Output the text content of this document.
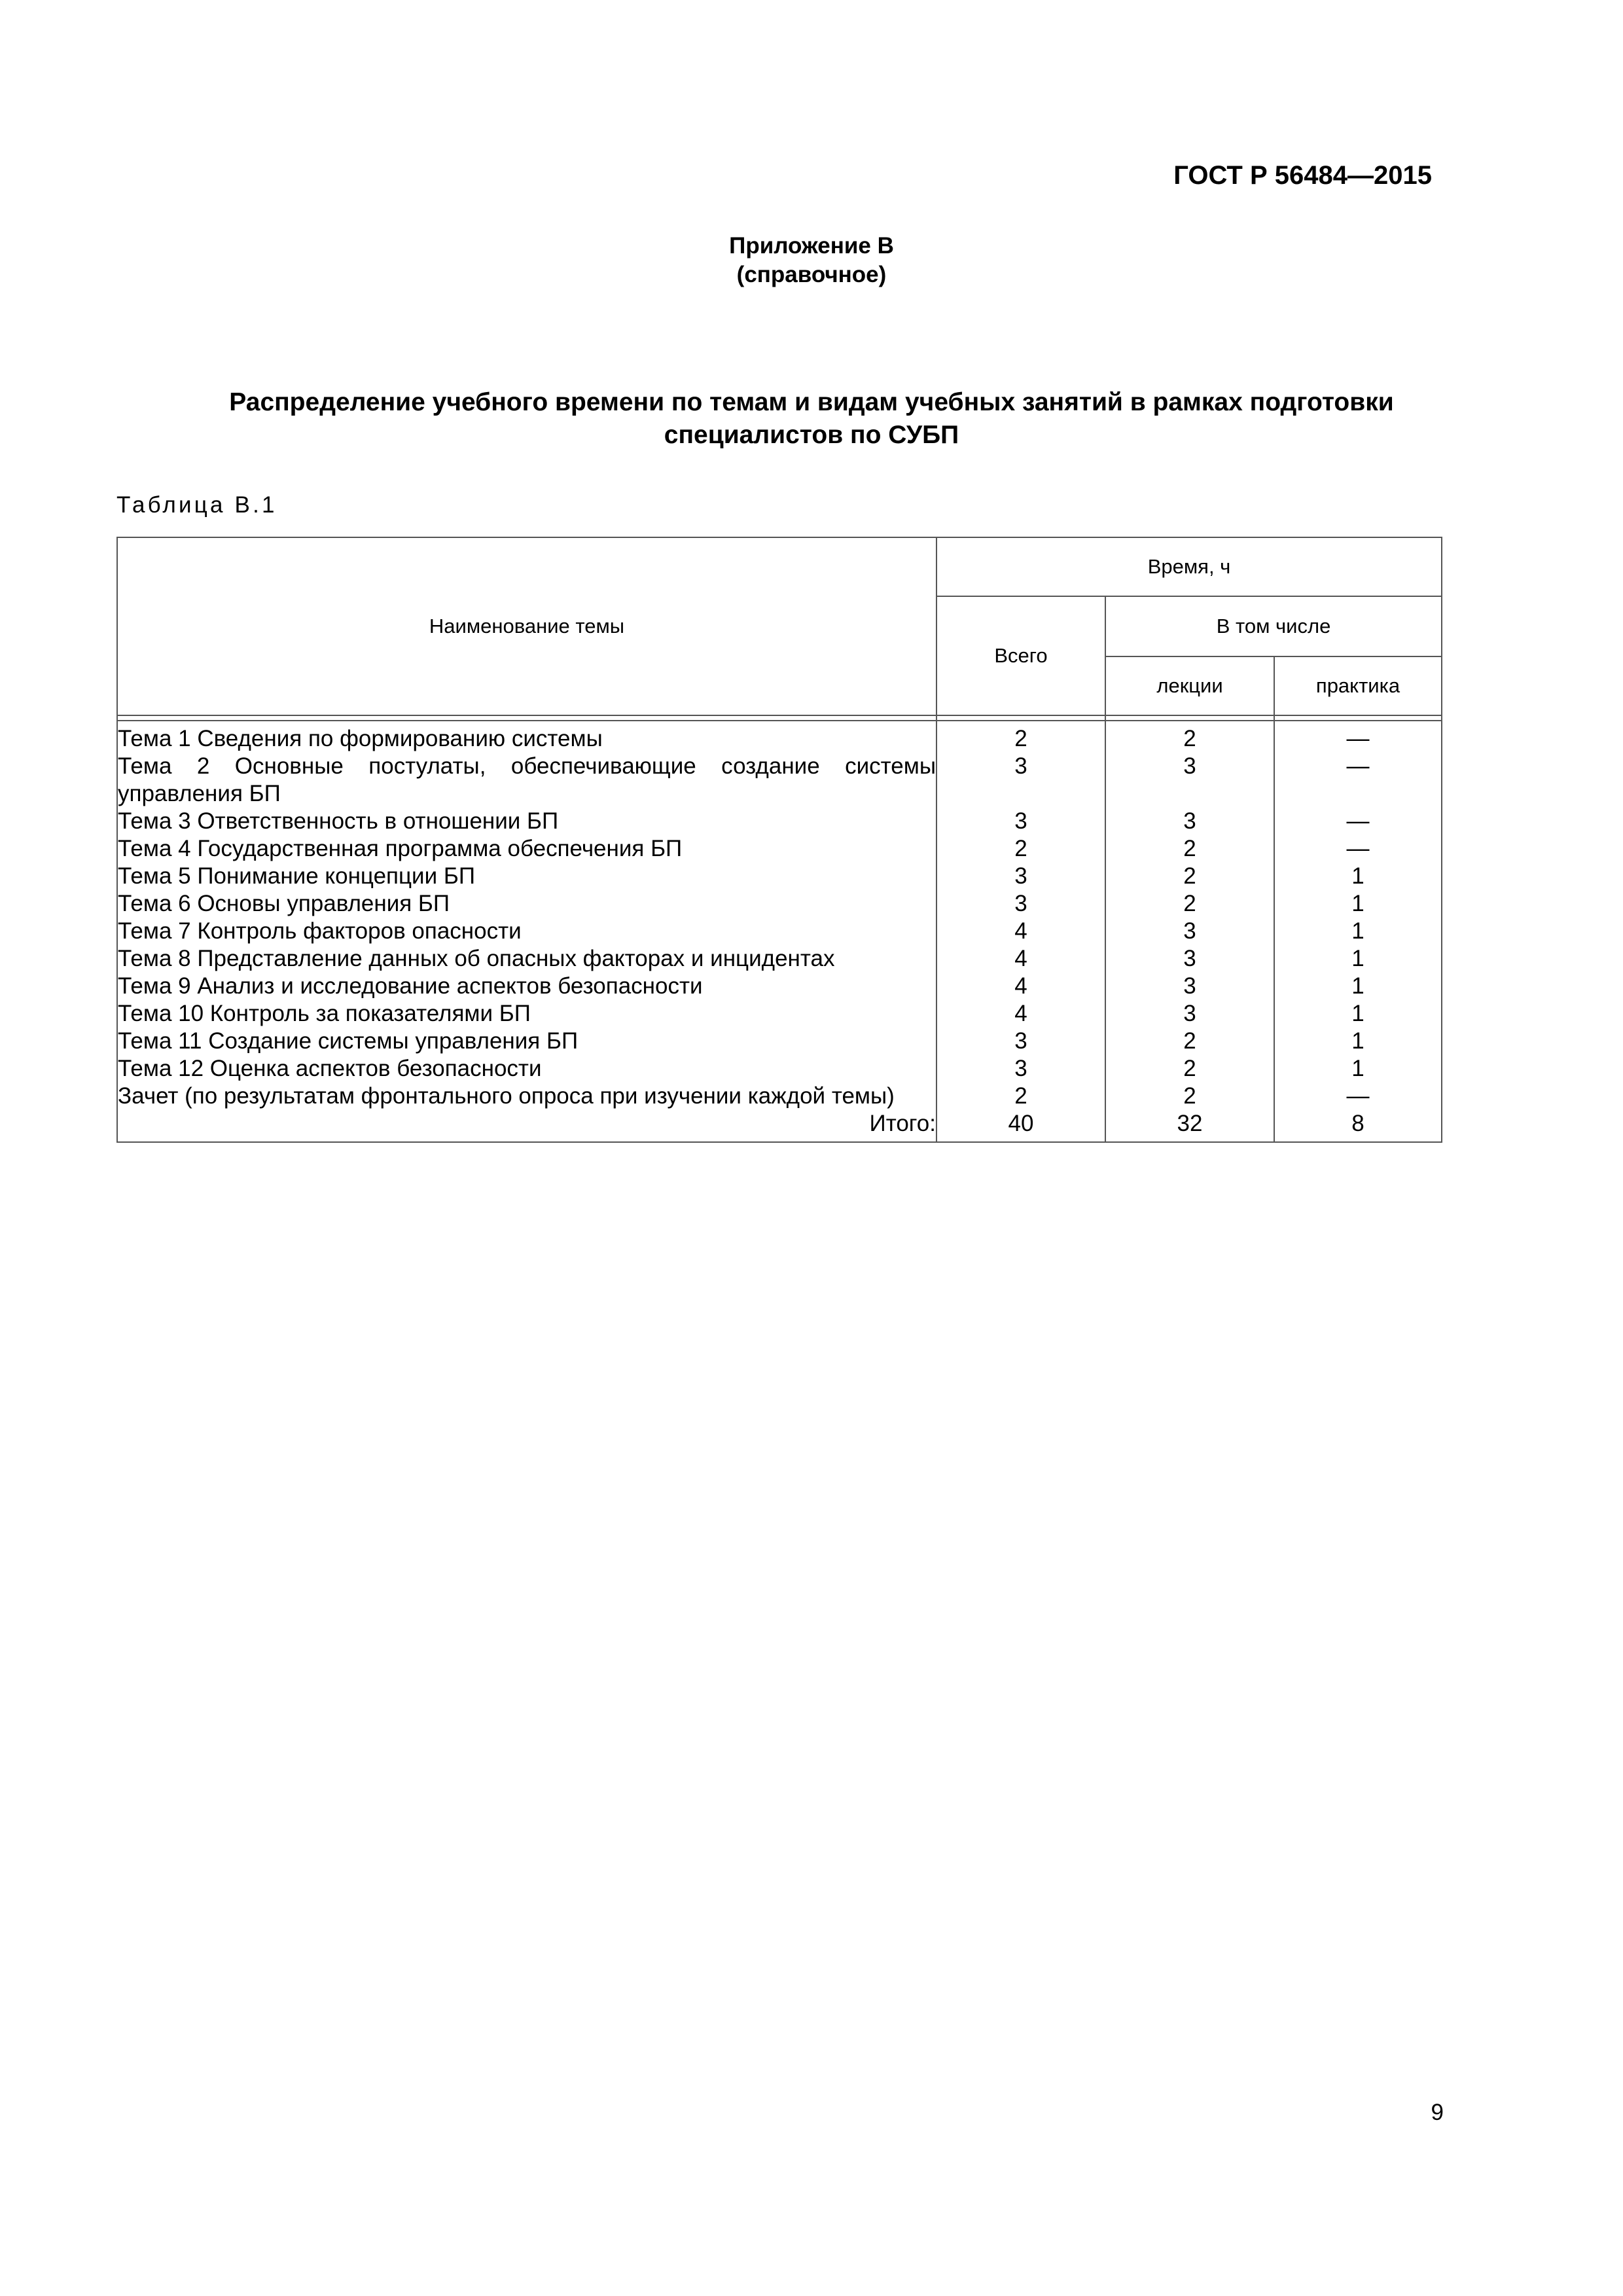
ГОСТ Р 56484—2015
Приложение В
(справочное)
Распределение учебного времени по темам и видам учебных занятий в рамках подготовки
специалистов по СУБП
Таблица В.1
Наименование темы	Время, ч		
	Всего	В том числе	
		лекции	практика

Тема 1 Сведения по формированию системы	2	2	—
Тема 2 Основные постулаты, обеспечивающие создание системы управления БП	3	3	—
Тема 3 Ответственность в отношении БП	3	3	—
Тема 4 Государственная программа обеспечения БП	2	2	—
Тема 5 Понимание концепции БП	3	2	1
Тема 6 Основы управления БП	3	2	1
Тема 7 Контроль факторов опасности	4	3	1
Тема 8 Представление данных об опасных факторах и инцидентах	4	3	1
Тема 9 Анализ и исследование аспектов безопасности	4	3	1
Тема 10 Контроль за показателями БП	4	3	1
Тема 11 Создание системы управления БП	3	2	1
Тема 12 Оценка аспектов безопасности	3	2	1
Зачет (по результатам фронтального опроса при изучении каждой темы)	2	2	—
Итого:	40	32	8
9
